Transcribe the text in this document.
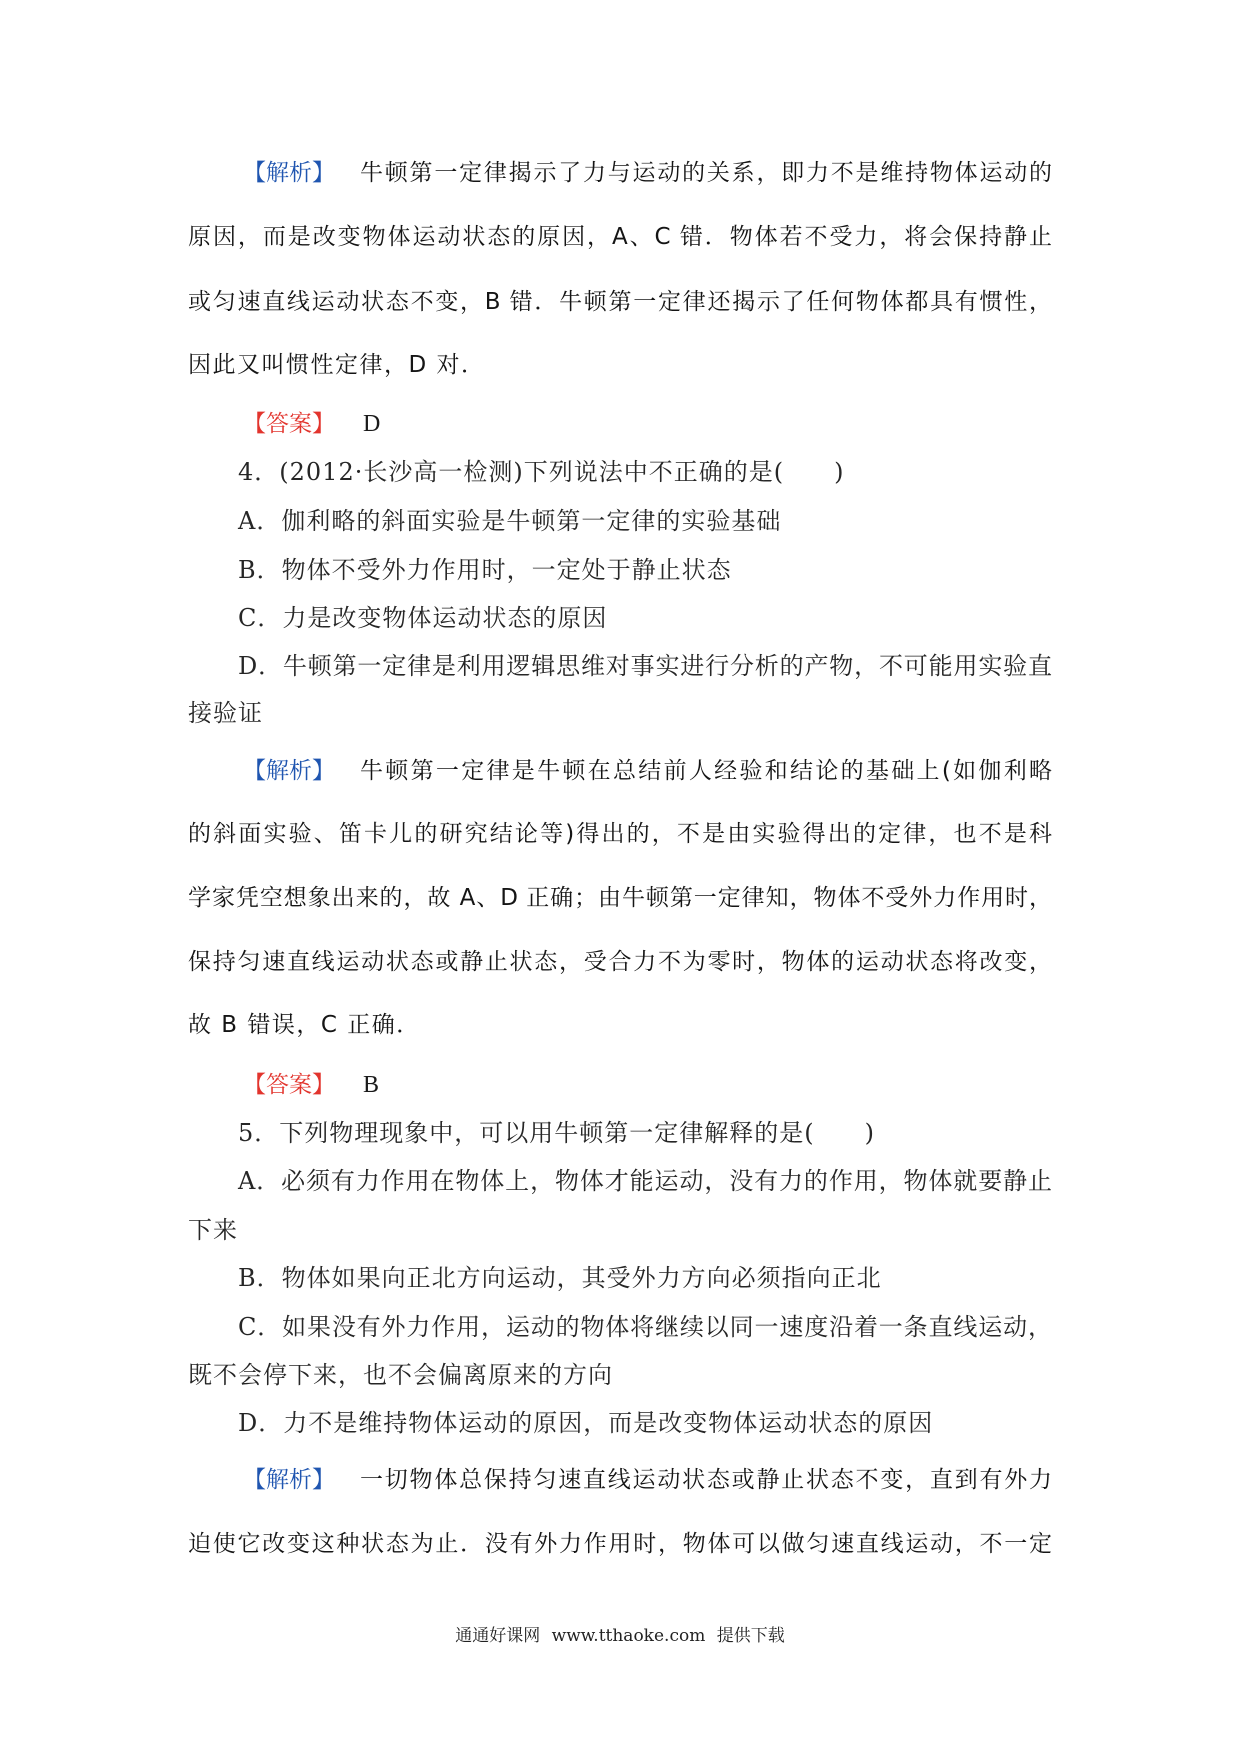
【解析】 牛顿第一定律揭示了力与运动的关系，即力不是维持物体运动的
原因，而是改变物体运动状态的原因，A、C 错．物体若不受力，将会保持静止
或匀速直线运动状态不变，B 错．牛顿第一定律还揭示了任何物体都具有惯性，
因此又叫惯性定律，D 对．
【答案】 D
4．(2012·长沙高一检测)下列说法中不正确的是(　　)
A．伽利略的斜面实验是牛顿第一定律的实验基础
B．物体不受外力作用时，一定处于静止状态
C．力是改变物体运动状态的原因
D．牛顿第一定律是利用逻辑思维对事实进行分析的产物，不可能用实验直
接验证
【解析】 牛顿第一定律是牛顿在总结前人经验和结论的基础上(如伽利略
的斜面实验、笛卡儿的研究结论等)得出的，不是由实验得出的定律，也不是科
学家凭空想象出来的，故 A、D 正确；由牛顿第一定律知，物体不受外力作用时，
保持匀速直线运动状态或静止状态，受合力不为零时，物体的运动状态将改变，
故 B 错误，C 正确．
【答案】 B
5．下列物理现象中，可以用牛顿第一定律解释的是(　　)
A．必须有力作用在物体上，物体才能运动，没有力的作用，物体就要静止
下来
B．物体如果向正北方向运动，其受外力方向必须指向正北
C．如果没有外力作用，运动的物体将继续以同一速度沿着一条直线运动，
既不会停下来，也不会偏离原来的方向
D．力不是维持物体运动的原因，而是改变物体运动状态的原因
【解析】 一切物体总保持匀速直线运动状态或静止状态不变，直到有外力
迫使它改变这种状态为止．没有外力作用时，物体可以做匀速直线运动，不一定
通通好课网 www.tthaoke.com 提供下载
